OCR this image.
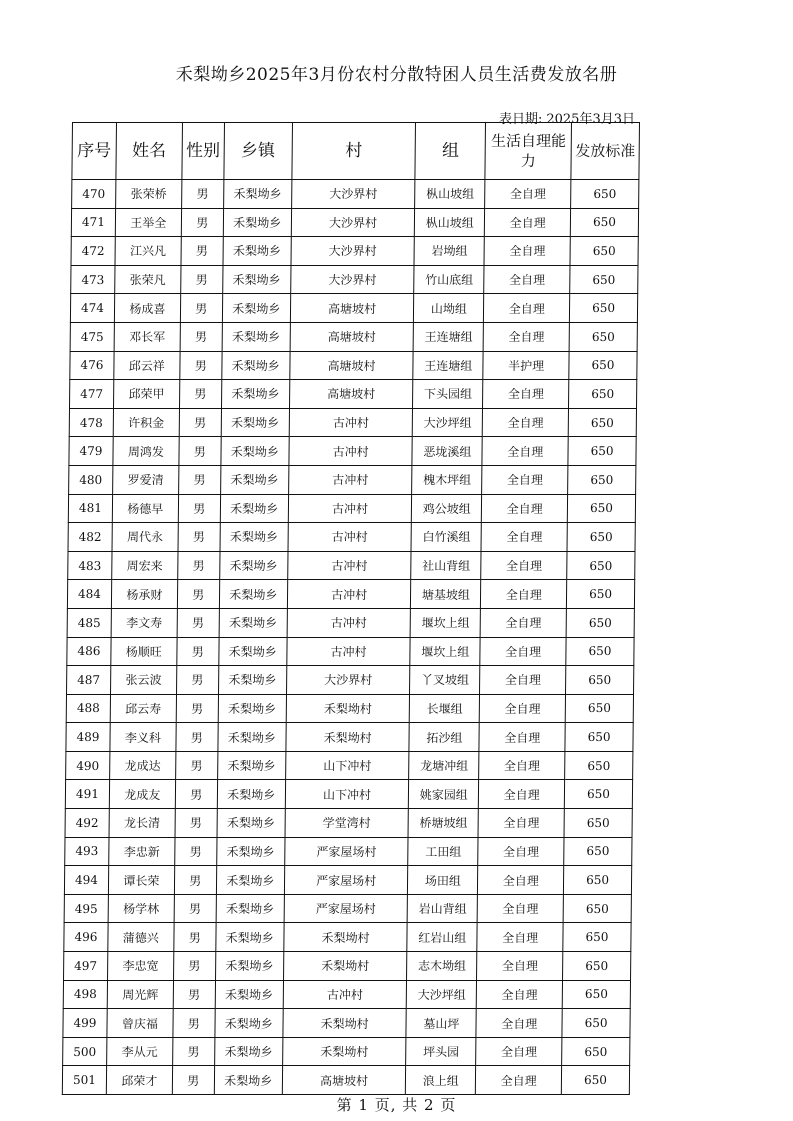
禾梨坳乡2025年3月份农村分散特困人员生活费发放名册
表日期: 2025年3月3日
序号	姓名	性别	乡镇	村	组	生活自理能力	发放标准
470	张荣桥	男	禾梨坳乡	大沙界村	枞山坡组	全自理	650
471	王举全	男	禾梨坳乡	大沙界村	枞山坡组	全自理	650
472	江兴凡	男	禾梨坳乡	大沙界村	岩坳组	全自理	650
473	张荣凡	男	禾梨坳乡	大沙界村	竹山底组	全自理	650
474	杨成喜	男	禾梨坳乡	高塘坡村	山坳组	全自理	650
475	邓长军	男	禾梨坳乡	高塘坡村	王连塘组	全自理	650
476	邱云祥	男	禾梨坳乡	高塘坡村	王连塘组	半护理	650
477	邱荣甲	男	禾梨坳乡	高塘坡村	下头园组	全自理	650
478	许积金	男	禾梨坳乡	古冲村	大沙坪组	全自理	650
479	周鸿发	男	禾梨坳乡	古冲村	恶垅溪组	全自理	650
480	罗爱清	男	禾梨坳乡	古冲村	槐木坪组	全自理	650
481	杨德早	男	禾梨坳乡	古冲村	鸡公坡组	全自理	650
482	周代永	男	禾梨坳乡	古冲村	白竹溪组	全自理	650
483	周宏来	男	禾梨坳乡	古冲村	社山背组	全自理	650
484	杨承财	男	禾梨坳乡	古冲村	塘基坡组	全自理	650
485	李文寿	男	禾梨坳乡	古冲村	堰坎上组	全自理	650
486	杨顺旺	男	禾梨坳乡	古冲村	堰坎上组	全自理	650
487	张云波	男	禾梨坳乡	大沙界村	丫叉坡组	全自理	650
488	邱云寿	男	禾梨坳乡	禾梨坳村	长堰组	全自理	650
489	李义科	男	禾梨坳乡	禾梨坳村	拓沙组	全自理	650
490	龙成达	男	禾梨坳乡	山下冲村	龙塘冲组	全自理	650
491	龙成友	男	禾梨坳乡	山下冲村	姚家园组	全自理	650
492	龙长清	男	禾梨坳乡	学堂湾村	桥塘坡组	全自理	650
493	李忠新	男	禾梨坳乡	严家屋场村	工田组	全自理	650
494	谭长荣	男	禾梨坳乡	严家屋场村	场田组	全自理	650
495	杨学林	男	禾梨坳乡	严家屋场村	岩山背组	全自理	650
496	蒲德兴	男	禾梨坳乡	禾梨坳村	红岩山组	全自理	650
497	李忠宽	男	禾梨坳乡	禾梨坳村	志木坳组	全自理	650
498	周光辉	男	禾梨坳乡	古冲村	大沙坪组	全自理	650
499	曾庆福	男	禾梨坳乡	禾梨坳村	墓山坪	全自理	650
500	李从元	男	禾梨坳乡	禾梨坳村	坪头园	全自理	650
501	邱荣才	男	禾梨坳乡	高塘坡村	浪上组	全自理	650
第 1 页, 共 2 页
